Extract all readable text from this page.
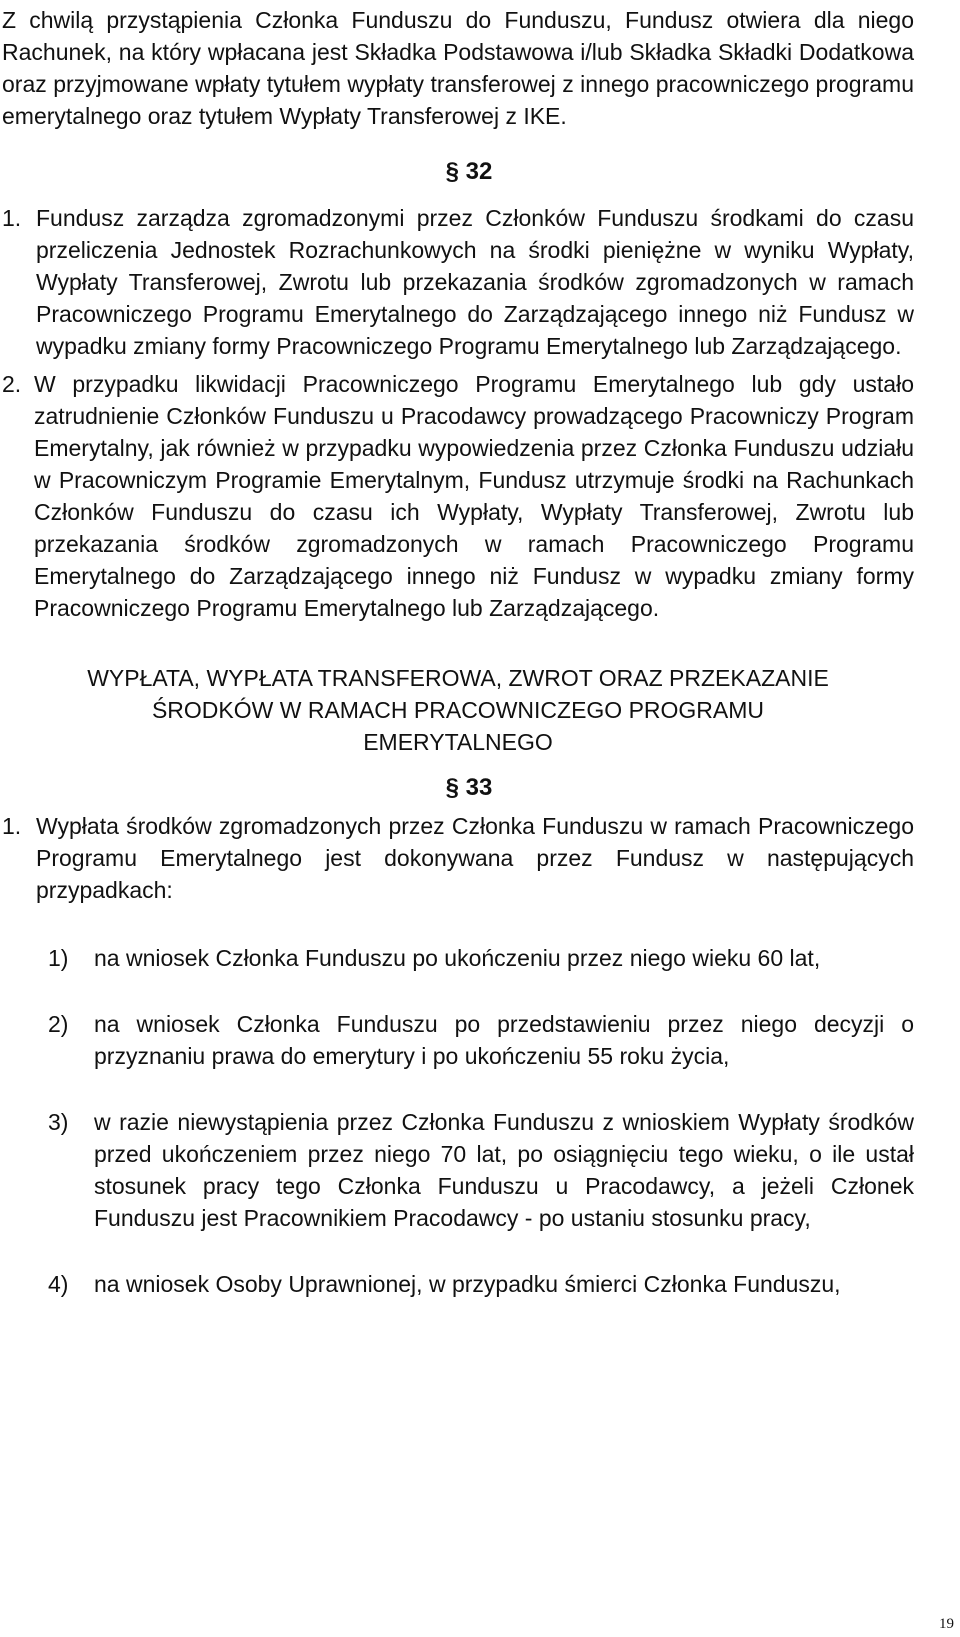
Z chwilą przystąpienia Członka Funduszu do Funduszu, Fundusz otwiera dla niego Rachunek, na który wpłacana jest Składka Podstawowa i/lub Składka Składki Dodatkowa oraz przyjmowane wpłaty tytułem wypłaty transferowej z innego pracowniczego programu emerytalnego oraz tytułem Wypłaty Transferowej z IKE.

§ 32
1. Fundusz zarządza zgromadzonymi przez Członków Funduszu środkami do czasu przeliczenia Jednostek Rozrachunkowych na środki pieniężne w wyniku Wypłaty, Wypłaty Transferowej, Zwrotu lub przekazania środków zgromadzonych w ramach Pracowniczego Programu Emerytalnego do Zarządzającego innego niż Fundusz w wypadku zmiany formy Pracowniczego Programu Emerytalnego lub Zarządzającego.
2. W przypadku likwidacji Pracowniczego Programu Emerytalnego lub gdy ustało zatrudnienie Członków Funduszu u Pracodawcy prowadzącego Pracowniczy Program Emerytalny, jak również w przypadku wypowiedzenia przez Członka Funduszu udziału w Pracowniczym Programie Emerytalnym, Fundusz utrzymuje środki na Rachunkach Członków Funduszu do czasu ich Wypłaty, Wypłaty Transferowej, Zwrotu lub przekazania środków zgromadzonych w ramach Pracowniczego Programu Emerytalnego do Zarządzającego innego niż Fundusz w wypadku zmiany formy Pracowniczego Programu Emerytalnego lub Zarządzającego.

WYPŁATA, WYPŁATA TRANSFEROWA, ZWROT ORAZ PRZEKAZANIE

ŚRODKÓW W RAMACH PRACOWNICZEGO PROGRAMU

EMERYTALNEGO

§ 33
1. Wypłata środków zgromadzonych przez Członka Funduszu w ramach Pracowniczego Programu Emerytalnego jest dokonywana przez Fundusz w następujących przypadkach:
1)	na wniosek Członka Funduszu po ukończeniu przez niego wieku 60 lat,
2)	na wniosek Członka Funduszu po przedstawieniu przez niego decyzji o przyznaniu prawa do emerytury i po ukończeniu 55 roku życia,
3)	w razie niewystąpienia przez Członka Funduszu z wnioskiem Wypłaty środków przed ukończeniem przez niego 70 lat, po osiągnięciu tego wieku, o ile ustał stosunek pracy tego Członka Funduszu u Pracodawcy, a jeżeli Członek Funduszu jest Pracownikiem Pracodawcy - po ustaniu stosunku pracy,
4)	na wniosek Osoby Uprawnionej, w przypadku śmierci Członka Funduszu,
19
